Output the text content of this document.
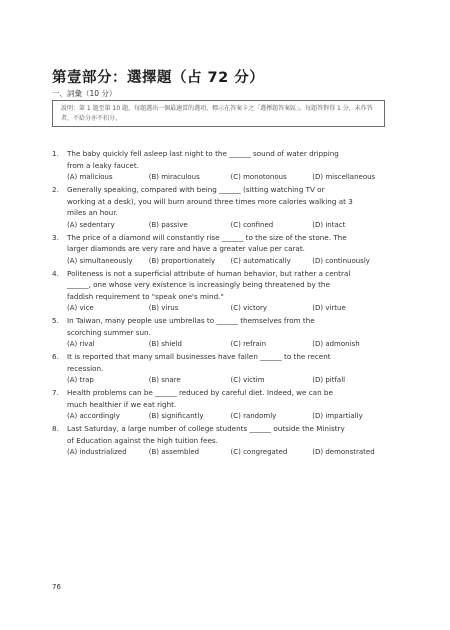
第壹部分：選擇題（占 72 分）
一、詞彙（10 分）
說明：第 1 題至第 10 題，每題選出一個最適當的選項，標示在答案卡之「選擇題答案區」。每題答對得 1 分，未作答者，不給分亦不扣分。
1. The baby quickly fell asleep last night to the ______ sound of water dripping
from a leaky faucet.
(A) malicious	(B) miraculous	(C) monotonous	(D) miscellaneous
2. Generally speaking, compared with being ______ (sitting watching TV or
working at a desk), you will burn around three times more calories walking at 3
miles an hour.
(A) sedentary	(B) passive	(C) confined	(D) intact
3. The price of a diamond will constantly rise ______ to the size of the stone. The
larger diamonds are very rare and have a greater value per carat.
(A) simultaneously	(B) proportionately	(C) automatically	(D) continuously
4. Politeness is not a superficial attribute of human behavior, but rather a central
______, one whose very existence is increasingly being threatened by the
faddish requirement to "speak one's mind."
(A) vice	(B) virus	(C) victory	(D) virtue
5. In Taiwan, many people use umbrellas to ______ themselves from the
scorching summer sun.
(A) rival	(B) shield	(C) refrain	(D) admonish
6. It is reported that many small businesses have fallen ______ to the recent
recession.
(A) trap	(B) snare	(C) victim	(D) pitfall
7. Health problems can be ______ reduced by careful diet. Indeed, we can be
much healthier if we eat right.
(A) accordingly	(B) significantly	(C) randomly	(D) impartially
8. Last Saturday, a large number of college students ______ outside the Ministry
of Education against the high tuition fees.
(A) industrialized	(B) assembled	(C) congregated	(D) demonstrated
76
